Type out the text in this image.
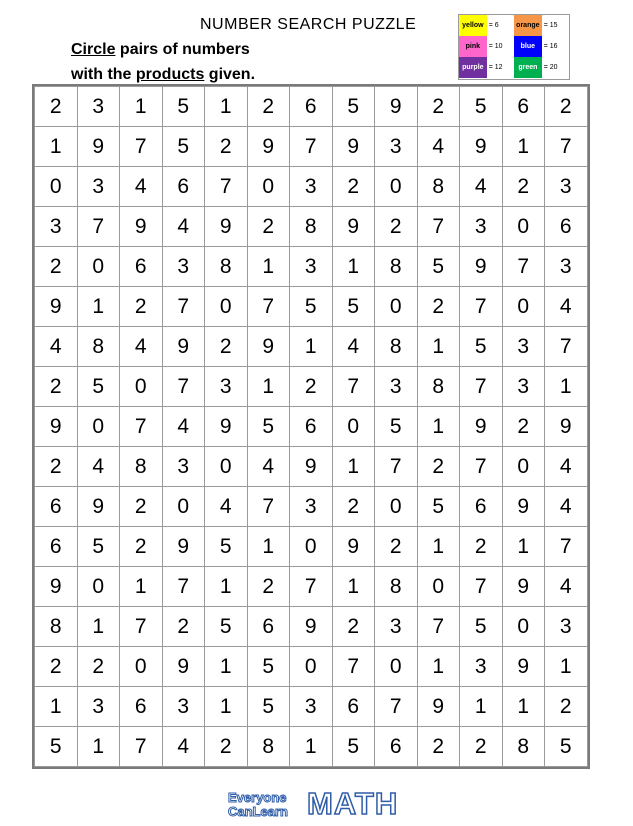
NUMBER SEARCH PUZZLE
Circle pairs of numbers
with the products given.
yellow	= 6	orange	= 15
pink	= 10	blue	= 16
purple	= 12	green	= 20
2	3	1	5	1	2	6	5	9	2	5	6	2
1	9	7	5	2	9	7	9	3	4	9	1	7
0	3	4	6	7	0	3	2	0	8	4	2	3
3	7	9	4	9	2	8	9	2	7	3	0	6
2	0	6	3	8	1	3	1	8	5	9	7	3
9	1	2	7	0	7	5	5	0	2	7	0	4
4	8	4	9	2	9	1	4	8	1	5	3	7
2	5	0	7	3	1	2	7	3	8	7	3	1
9	0	7	4	9	5	6	0	5	1	9	2	9
2	4	8	3	0	4	9	1	7	2	7	0	4
6	9	2	0	4	7	3	2	0	5	6	9	4
6	5	2	9	5	1	0	9	2	1	2	1	7
9	0	1	7	1	2	7	1	8	0	7	9	4
8	1	7	2	5	6	9	2	3	7	5	0	3
2	2	0	9	1	5	0	7	0	1	3	9	1
1	3	6	3	1	5	3	6	7	9	1	1	2
5	1	7	4	2	8	1	5	6	2	2	8	5
Everyone
CanLearn MATH
